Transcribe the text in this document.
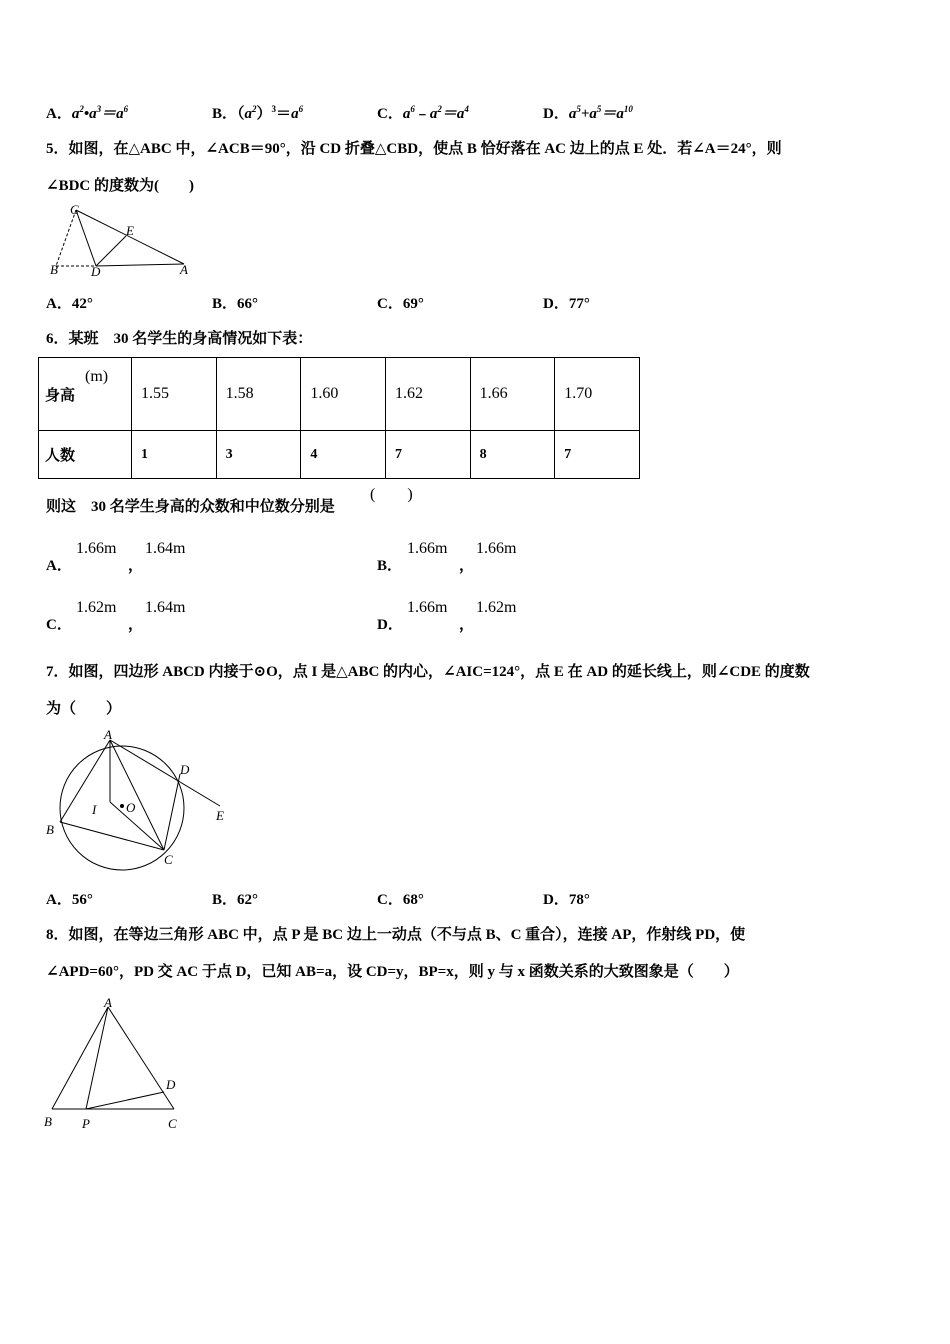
A．$a^2•a^3=a^6$	B．$(a^2)^3=a^6$	C．$a^6﹣a^2=a^4$	D．$a^5+a^5=a^{10}$
5．如图，在△ABC 中，∠ACB＝90°，沿 CD 折叠△CBD，使点 B 恰好落在 AC 边上的点 E 处．若∠A＝24°，则
∠BDC 的度数为(　　)
C
E
B	D	A
A．42°	B．66°	C．69°	D．77°
6．某班　30 名学生的身高情况如下表：
身高
(m)	1.55	1.58	1.60	1.62	1.66	1.70
人数	1	3	4	7	8	7
则这　30 名学生身高的众数和中位数分别是
(　　)
A．
1.66m
，
1.64m
B．
1.66m
，
1.66m
C．
1.62m
，
1.64m
D．
1.66m
，
1.62m
7．如图，四边形 ABCD 内接于⊙O，点 I 是△ABC 的内心，∠AIC=124°，点 E 在 AD 的延长线上，则∠CDE 的度数
为（　　）
A
D
E
I O
B
C
A．56°	B．62°	C．68°	D．78°
8．如图，在等边三角形 ABC 中，点 P 是 BC 边上一动点（不与点 B、C 重合），连接 AP，作射线 PD，使
∠APD=60°，PD 交 AC 于点 D，已知 AB=a，设 CD=y，BP=x，则 y 与 x 函数关系的大致图象是（　　）
A
D
B P	C
